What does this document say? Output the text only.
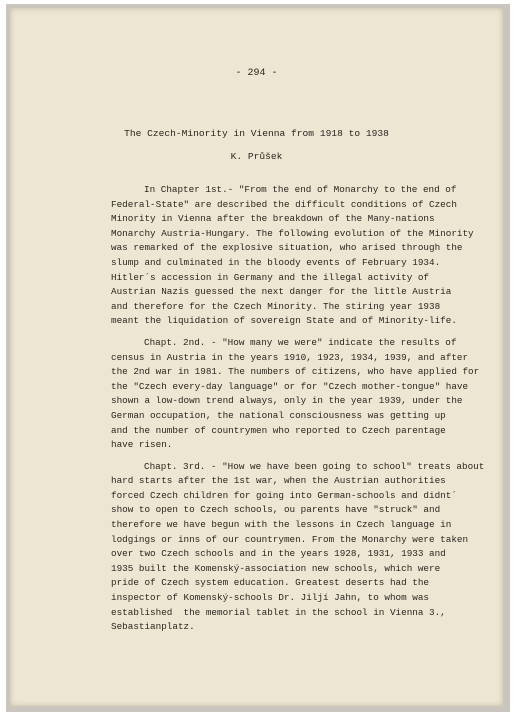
- 294 -
The Czech-Minority in Vienna from 1918 to 1938
K. Průšek
In Chapter 1st.- "From the end of Monarchy to the end of
Federal-State" are described the difficult conditions of Czech
Minority in Vienna after the breakdown of the Many-nations
Monarchy Austria-Hungary. The following evolution of the Minority
was remarked of the explosive situation, who arised through the
slump and culminated in the bloody events of February 1934.
Hitler´s accession in Germany and the illegal activity of
Austrian Nazis guessed the next danger for the little Austria
and therefore for the Czech Minority. The stiring year 1938
meant the liquidation of sovereign State and of Minority-life.
Chapt. 2nd. - "How many we were" indicate the results of
census in Austria in the years 1910, 1923, 1934, 1939, and after
the 2nd war in 1981. The numbers of citizens, who have applied for
the "Czech every-day language" or for "Czech mother-tongue" have
shown a low-down trend always, only in the year 1939, under the
German occupation, the national consciousness was getting up
and the number of countrymen who reported to Czech parentage
have risen.
Chapt. 3rd. - "How we have been going to school" treats about
hard starts after the 1st war, when the Austrian authorities
forced Czech children for going into German-schools and didnt´
show to open to Czech schools, ou parents have "struck" and
therefore we have begun with the lessons in Czech language in
lodgings or inns of our countrymen. From the Monarchy were taken
over two Czech schools and in the years 1928, 1931, 1933 and
1935 built the Komenský-association new schools, which were
pride of Czech system education. Greatest deserts had the
inspector of Komenský-schools Dr. Jiljí Jahn, to whom was
established  the memorial tablet in the school in Vienna 3.,
Sebastianplatz.
